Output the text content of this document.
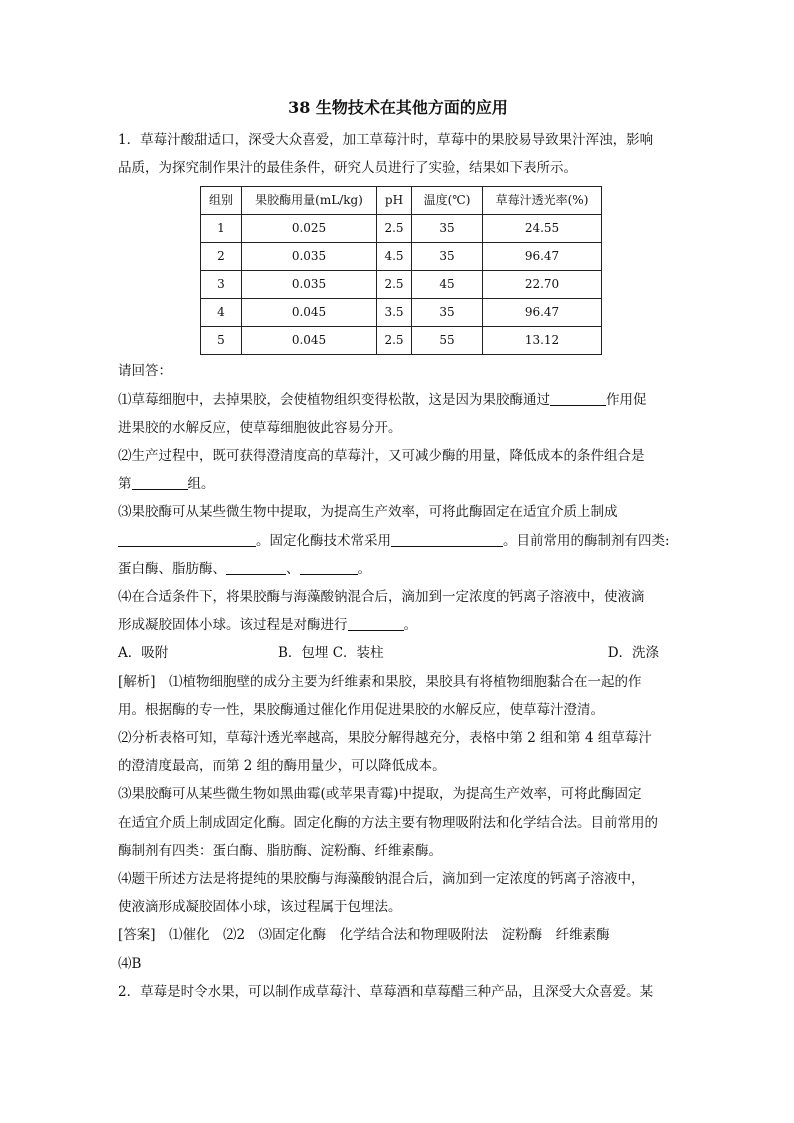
38 生物技术在其他方面的应用

1．草莓汁酸甜适口，深受大众喜爱，加工草莓汁时，草莓中的果胶易导致果汁浑浊，影响
品质，为探究制作果汁的最佳条件，研究人员进行了实验，结果如下表所示。

组别	果胶酶用量(mL/kg)	pH	温度(℃)	草莓汁透光率(%)
1	0.025	2.5	35	24.55
2	0.035	4.5	35	96.47
3	0.035	2.5	45	22.70
4	0.045	3.5	35	96.47
5	0.045	2.5	55	13.12

请回答：

⑴草莓细胞中，去掉果胶，会使植物组织变得松散，这是因为果胶酶通过	作用促
进果胶的水解反应，使草莓细胞彼此容易分开。

⑵生产过程中，既可获得澄清度高的草莓汁，又可减少酶的用量，降低成本的条件组合是
第	组。

⑶果胶酶可从某些微生物中提取，为提高生产效率，可将此酶固定在适宜介质上制成
。固定化酶技术常采用	。目前常用的酶制剂有四类:
蛋白酶、脂肪酶、	、	。

⑷在合适条件下，将果胶酶与海藻酸钠混合后，滴加到一定浓度的钙离子溶液中，使液滴
形成凝胶固体小球。该过程是对酶进行	。

A．吸附	B．包埋 C．装柱	D．洗涤

[解析]　⑴植物细胞壁的成分主要为纤维素和果胶，果胶具有将植物细胞黏合在一起的作
用。根据酶的专一性，果胶酶通过催化作用促进果胶的水解反应，使草莓汁澄清。
⑵分析表格可知，草莓汁透光率越高，果胶分解得越充分，表格中第 2 组和第 4 组草莓汁
的澄清度最高，而第 2 组的酶用量少，可以降低成本。
⑶果胶酶可从某些微生物如黑曲霉(或苹果青霉)中提取，为提高生产效率，可将此酶固定
在适宜介质上制成固定化酶。固定化酶的方法主要有物理吸附法和化学结合法。目前常用的
酶制剂有四类：蛋白酶、脂肪酶、淀粉酶、纤维素酶。
⑷题干所述方法是将提纯的果胶酶与海藻酸钠混合后，滴加到一定浓度的钙离子溶液中，
使液滴形成凝胶固体小球，该过程属于包埋法。

[答案]　⑴催化　⑵2　⑶固定化酶　化学结合法和物理吸附法　淀粉酶　纤维素酶
⑷B

2．草莓是时令水果，可以制作成草莓汁、草莓酒和草莓醋三种产品，且深受大众喜爱。某
